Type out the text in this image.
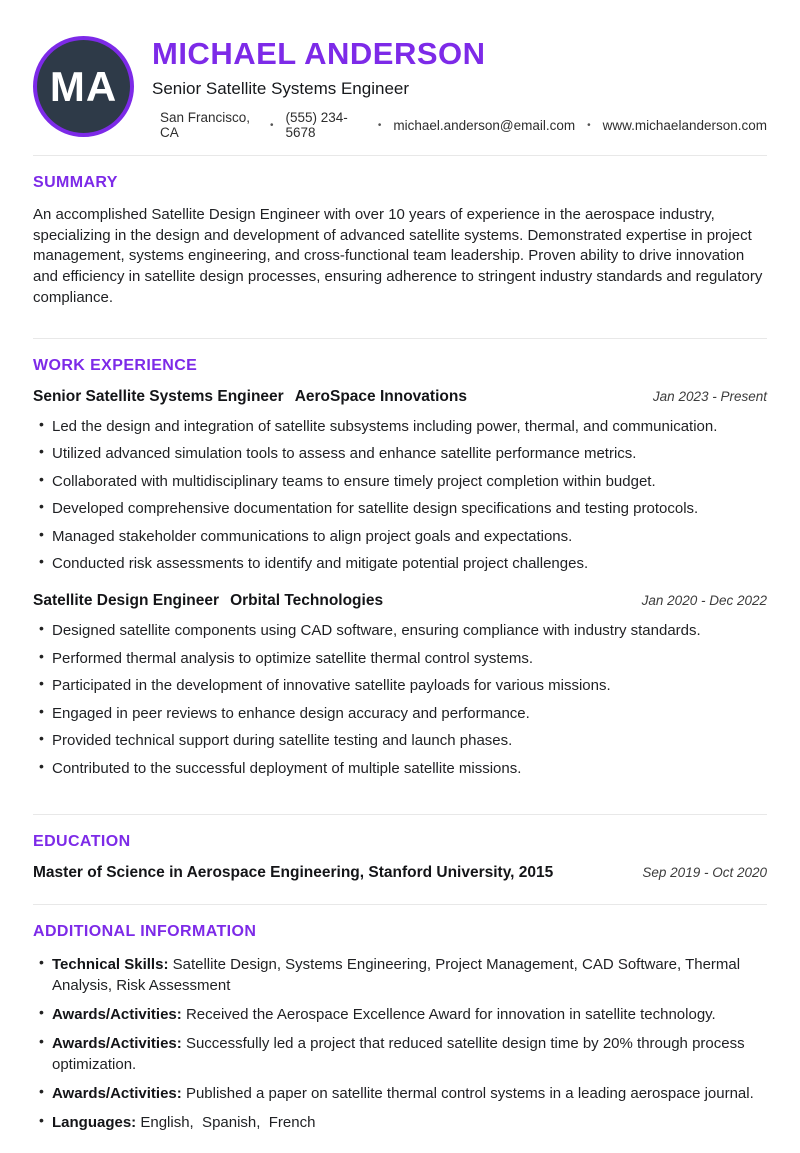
MA
MICHAEL ANDERSON
Senior Satellite Systems Engineer
San Francisco, CA	• (555) 234-5678	• michael.anderson@email.com • www.michaelanderson.com
SUMMARY

An accomplished Satellite Design Engineer with over 10 years of experience in the aerospace industry, specializing in the design and development of advanced satellite systems. Demonstrated expertise in project management, systems engineering, and cross-functional team leadership. Proven ability to drive innovation and efficiency in satellite design processes, ensuring adherence to stringent industry standards and regulatory compliance.

WORK EXPERIENCE
Senior Satellite Systems Engineer AeroSpace Innovations	Jan 2023 - Present
• Led the design and integration of satellite subsystems including power, thermal, and communication.
• Utilized advanced simulation tools to assess and enhance satellite performance metrics.
• Collaborated with multidisciplinary teams to ensure timely project completion within budget.
• Developed comprehensive documentation for satellite design specifications and testing protocols.
• Managed stakeholder communications to align project goals and expectations.
• Conducted risk assessments to identify and mitigate potential project challenges.
Satellite Design Engineer Orbital Technologies	Jan 2020 - Dec 2022
• Designed satellite components using CAD software, ensuring compliance with industry standards.
• Performed thermal analysis to optimize satellite thermal control systems.
• Participated in the development of innovative satellite payloads for various missions.
• Engaged in peer reviews to enhance design accuracy and performance.
• Provided technical support during satellite testing and launch phases.
• Contributed to the successful deployment of multiple satellite missions.
EDUCATION
Master of Science in Aerospace Engineering, Stanford University, 2015	Sep 2019 - Oct 2020
ADDITIONAL INFORMATION
• Technical Skills: Satellite Design, Systems Engineering, Project Management, CAD Software, Thermal Analysis, Risk Assessment
• Awards/Activities: Received the Aerospace Excellence Award for innovation in satellite technology.
• Awards/Activities: Successfully led a project that reduced satellite design time by 20% through process optimization.
• Awards/Activities: Published a paper on satellite thermal control systems in a leading aerospace journal.
• Languages: English,  Spanish,  French
